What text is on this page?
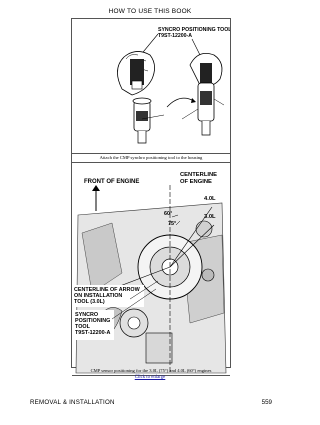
HOW TO USE THIS BOOK
SYNCRO POSITIONING TOOL
T9ST-12200-A
Attach the CMP synchro positioning tool to the housing
FRONT OF ENGINE
CENTERLINE
OF ENGINE
4.0L
3.0L
60°
75°
CENTERLINE OF ARROW
ON INSTALLATION
TOOL (3.0L)
SYNCRO
POSITIONING
TOOL
T9ST-12200-A
CMP sensor positioning for the 3.0L (75°) and 4.0L (60°) engines
Click to enlarge
REMOVAL & INSTALLATION	559
